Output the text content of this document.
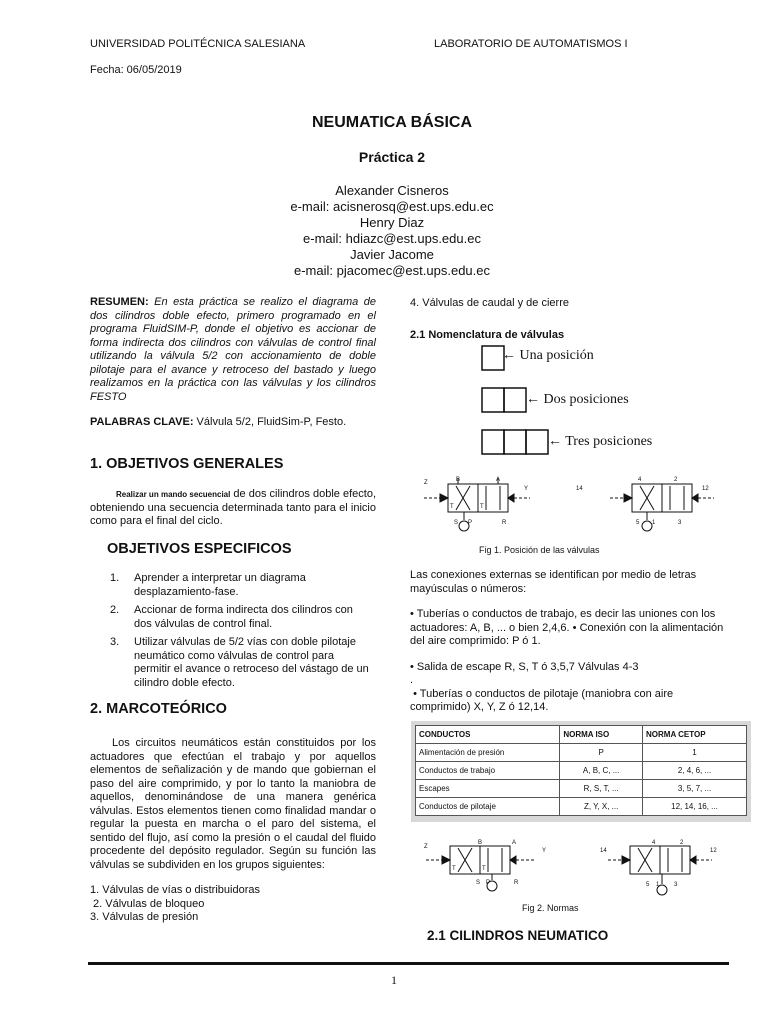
UNIVERSIDAD POLITÉCNICA SALESIANA	LABORATORIO DE AUTOMATISMOS I
Fecha: 06/05/2019
NEUMATICA BÁSICA
Práctica 2
Alexander Cisneros
e-mail: acisnerosq@est.ups.edu.ec
Henry Diaz
e-mail: hdiazc@est.ups.edu.ec
Javier Jacome
e-mail: pjacomec@est.ups.edu.ec
RESUMEN: En esta práctica se realizo el diagrama de dos cilindros doble efecto, primero programado en el programa FluidSIM-P, donde el objetivo es accionar de forma indirecta dos cilindros con válvulas de control final utilizando la válvula 5/2 con accionamiento de doble pilotaje para el avance y retroceso del bastado y luego realizamos en la práctica con las válvulas y los cilindros FESTO
PALABRAS CLAVE: Válvula 5/2, FluidSim-P, Festo.
1. OBJETIVOS GENERALES
Realizar un mando secuencial de dos cilindros doble efecto, obteniendo una secuencia determinada tanto para el inicio como para el final del ciclo.
OBJETIVOS ESPECIFICOS
1.	Aprender a interpretar un diagrama desplazamiento-fase.
2.	Accionar de forma indirecta dos cilindros con dos válvulas de control final.
3.	Utilizar válvulas de 5/2 vías con doble pilotaje neumático como válvulas de control para permitir el avance o retroceso del vástago de un cilindro doble efecto.
2. MARCOTEÓRICO
Los circuitos neumáticos están constituidos por los actuadores que efectúan el trabajo y por aquellos elementos de señalización y de mando que gobiernan el paso del aire comprimido, y por lo tanto la maniobra de aquellos, denominándose de una manera genérica válvulas. Estos elementos tienen como finalidad mandar o regular la puesta en marcha o el paro del sistema, el sentido del flujo, así como la presión o el caudal del fluido procedente del depósito regulador. Según su función las válvulas se subdividen en los grupos siguientes:
1. Válvulas de vías o distribuidoras
2. Válvulas de bloqueo
3. Válvulas de presión
4. Válvulas de caudal y de cierre
2.1 Nomenclatura de válvulas
← Una posición
← Dos posiciones
← Tres posiciones
Z	B	A
Y
T	T
S P	R
14
4	2
12
5 1	3
Fig 1. Posición de las válvulas
Las conexiones externas se identifican por medio de letras mayúsculas o números:
• Tuberías o conductos de trabajo, es decir las uniones con los actuadores: A, B, ... o bien 2,4,6. • Conexión con la alimentación del aire comprimido: P ó 1.
• Salida de escape R, S, T ó 3,5,7 Válvulas 4-3
.
• Tuberías o conductos de pilotaje (maniobra con aire comprimido) X, Y, Z ó 12,14.
CONDUCTOS	NORMA ISO	NORMA CETOP
Alimentación de presión	P	1
Conductos de trabajo	A, B, C, ...	2, 4, 6, ...
Escapes	R, S, T, ...	3, 5, 7, ...
Conductos de pilotaje	Z, Y, X, ...	12, 14, 16, ...
Z
B	A
Y
T	T
S P	R
14
4	2
12
5 1 3
Fig 2. Normas
2.1 CILINDROS NEUMATICO
1
